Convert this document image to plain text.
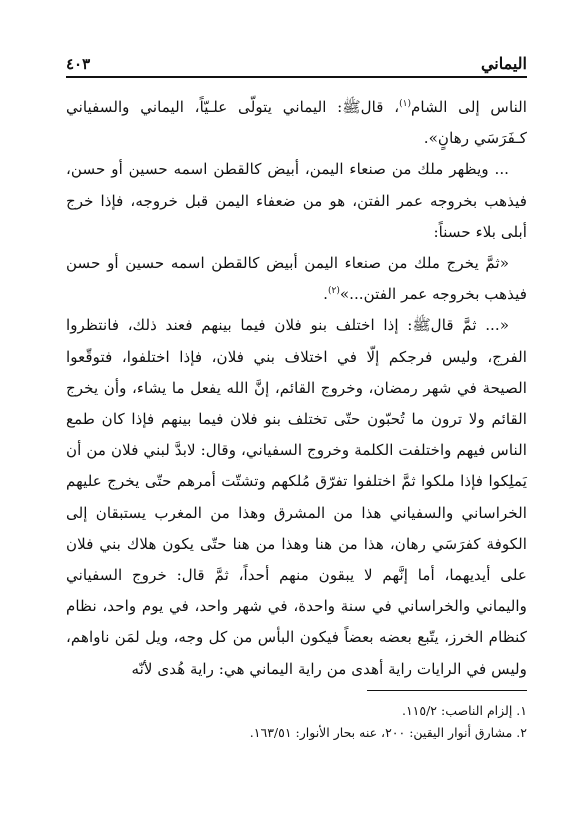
اليماني
٤٠٣

الناس إلى الشام$^{(١)}$، قالﷺ: اليماني يتولّى علـيّاً، اليماني والسفياني كـفَرَسَي رهانٍ».

... ويظهر ملك من صنعاء اليمن، أبيض كالقطن اسمه حسين أو حسن، فيذهب بخروجه عمر الفتن، هو من ضعفاء اليمن قبل خروجه، فإذا خرج أبلى بلاء حسناً:

«ثمَّ يخرج ملك من صنعاء اليمن أبيض كالقطن اسمه حسين أو حسن فيذهب بخروجه عمر الفتن...»$^{(٢)}$.

«... ثمَّ قالﷺ: إذا اختلف بنو فلان فيما بينهم فعند ذلك، فانتظروا الفرج، وليس فرجكم إلّا في اختلاف بني فلان، فإذا اختلفوا، فتوقّعوا الصيحة في شهر رمضان، وخروج القائم، إنَّ الله يفعل ما يشاء، وأن يخرج القائم ولا ترون ما تُحبّون حتّى تختلف بنو فلان فيما بينهم فإذا كان طمع الناس فيهم واختلفت الكلمة وخروج السفياني، وقال: لابدَّ لبني فلان من أن يَملِكوا فإذا ملكوا ثمَّ اختلفوا تفرّق مُلكهم وتشتّت أمرهم حتّى يخرج عليهم الخراساني والسفياني هذا من المشرق وهذا من المغرب يستبقان إلى الكوفة كفرَسَي رهان، هذا من هنا وهذا من هنا حتّى يكون هلاك بني فلان على أيديهما، أما إنَّهم لا يبقون منهم أحداً، ثمَّ قال: خروج السفياني واليماني والخراساني في سنة واحدة، في شهر واحد، في يوم واحد، نظام كنظام الخرز، يتّبع بعضه بعضاً فيكون البأس من كل وجه، ويل لمَن ناواهم، وليس في الرايات راية أهدى من راية اليماني هي: راية هُدى لأنّه

١. إلزام الناصب: ١١٥/٢.
٢. مشارق أنوار اليقين: ٢٠٠، عنه بحار الأنوار: ١٦٣/٥١.
